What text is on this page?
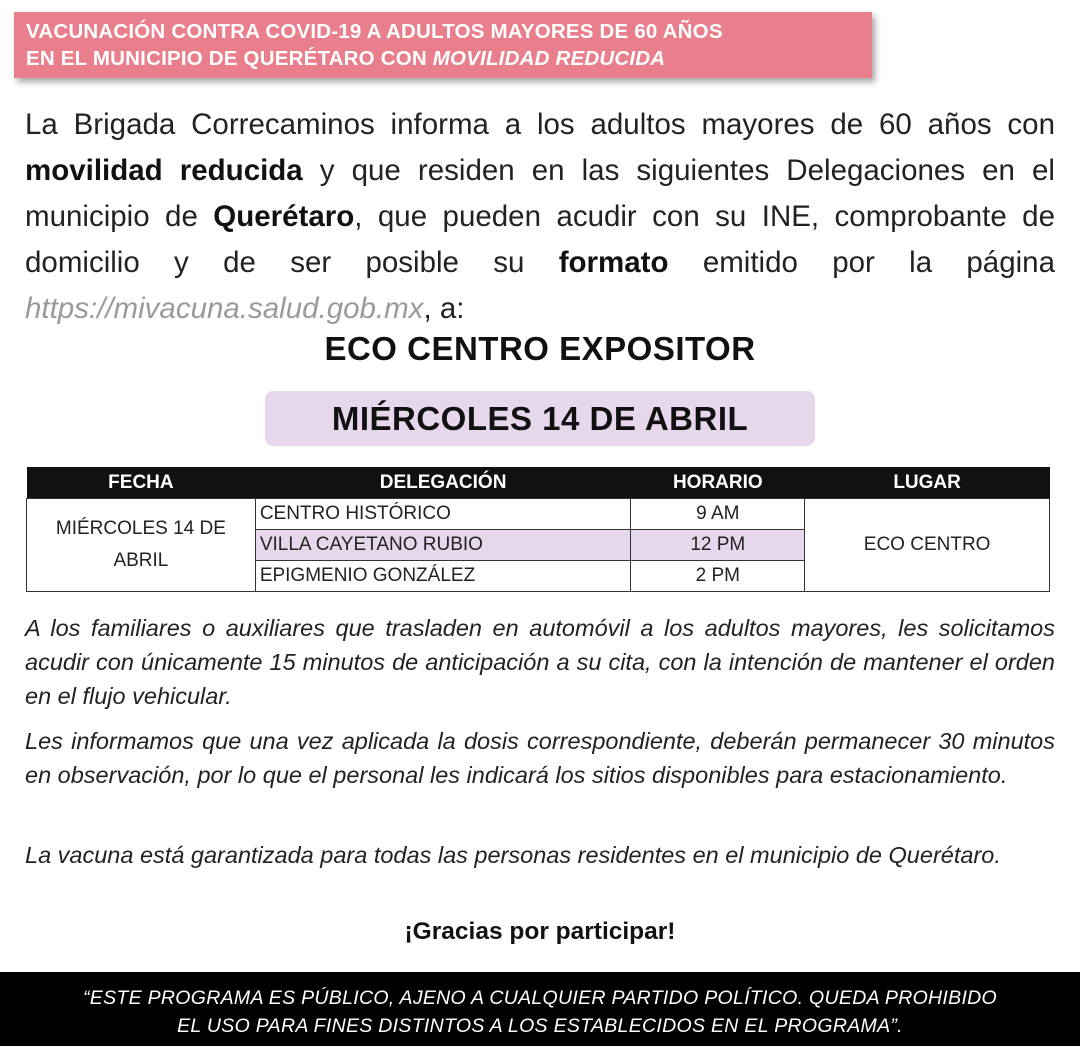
VACUNACIÓN CONTRA COVID-19 A ADULTOS MAYORES DE 60 AÑOS
EN EL MUNICIPIO DE QUERÉTARO CON MOVILIDAD REDUCIDA
La Brigada Correcaminos informa a los adultos mayores de 60 años con movilidad reducida y que residen en las siguientes Delegaciones en el municipio de Querétaro, que pueden acudir con su INE, comprobante de domicilio y de ser posible su formato emitido por la página https://mivacuna.salud.gob.mx, a:
ECO CENTRO EXPOSITOR
MIÉRCOLES 14 DE ABRIL
FECHA	DELEGACIÓN	HORARIO	LUGAR

MIÉRCOLES 14 DE
ABRIL	CENTRO HISTÓRICO	9 AM	ECO CENTRO
	VILLA CAYETANO RUBIO	12 PM	
	EPIGMENIO GONZÁLEZ	2 PM	
A los familiares o auxiliares que trasladen en automóvil a los adultos mayores, les solicitamos acudir con únicamente 15 minutos de anticipación a su cita, con la intención de mantener el orden en el flujo vehicular.
Les informamos que una vez aplicada la dosis correspondiente, deberán permanecer 30 minutos en observación, por lo que el personal les indicará los sitios disponibles para estacionamiento.
La vacuna está garantizada para todas las personas residentes en el municipio de Querétaro.
¡Gracias por participar!
“ESTE PROGRAMA ES PÚBLICO, AJENO A CUALQUIER PARTIDO POLÍTICO. QUEDA PROHIBIDO
EL USO PARA FINES DISTINTOS A LOS ESTABLECIDOS EN EL PROGRAMA”.
